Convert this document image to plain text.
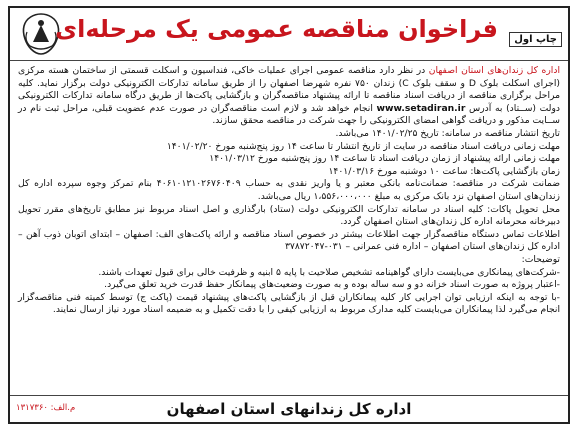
فراخوان مناقصه عمومی یک مرحله‌ای	چاپ اول

اداره کل زندان‌های استان اصفهان در نظر دارد مناقصه عمومی اجرای عملیات خاکی، فنداسیون و اسکلت قسمتی از ساختمان هسته مرکزی (اجرای اسکلت بلوک D و سقف بلوک C) زندان ۷۵۰ نفره شهرضا اصفهان را از طریق سامانه تدارکات الکترونیکی دولت برگزار نماید. کلیه مراحل برگزاری مناقصه از دریافت اسناد مناقصه تا ارائه پیشنهاد مناقصه‌گران و بازگشایی پاکت‌ها از طریق درگاه سامانه تدارکات الکترونیکی دولت (ســتاد) به آدرس www.setadiran.ir انجام خواهد شد و لازم است مناقصه‌گران در صورت عدم عضویت قبلی، مراحل ثبت نام در ســایت مذکور و دریافت گواهی امضای الکترونیکی را جهت شرکت در مناقصه محقق سازند.

تاریخ انتشار مناقصه در سامانه: تاریخ ۱۴۰۱/۰۲/۲۵ می‌باشد.

مهلت زمانی دریافت اسناد مناقصه در سایت از تاریخ انتشار تا ساعت ۱۴ روز پنج‌شنبه مورخ ۱۴۰۱/۰۲/۲۰

مهلت زمانی ارائه پیشنهاد از زمان دریافت اسناد تا ساعت ۱۴ روز پنج‌شنبه مورخ ۱۴۰۱/۰۳/۱۲

زمان بازگشایی پاکت‌ها: ساعت ۱۰ دوشنبه مورخ ۱۴۰۱/۰۳/۱۶

ضمانت شرکت در مناقصه: ضمانت‌نامه بانکی معتبر و یا واریز نقدی به حساب ۴۰۶۱۰۱۲۱۰۲۶۷۶۰۴۰۹ بنام تمرکز وجوه سپرده اداره کل زندان‌های استان اصفهان نزد بانک مرکزی به مبلغ ۱،۵۵۶،۰۰۰،۰۰۰ ریال می‌باشد.

محل تحویل پاکات: کلیه اسناد در سامانه تدارکات الکترونیکی دولت (ستاد) بارگذاری و اصل اسناد مربوط نیز مطابق تاریخ‌های مقرر تحویل دبیرخانه محرمانه اداره کل زندان‌های استان اصفهان گردد.

اطلاعات تماس دستگاه مناقصه‌گزار جهت اطلاعات بیشتر در خصوص اسناد مناقصه و ارائه پاکت‌های الف: اصفهان – ابتدای اتوبان ذوب آهن – اداره کل زندان‌های استان اصفهان – اداره فنی عمرانی – ۰۳۱-۳۷۸۷۲۰۴۷

توضیحات:

-شرکت‌های پیمانکاری می‌بایست دارای گواهینامه تشخیص صلاحیت با پایه ۵ ابنیه و ظرفیت خالی برای قبول تعهدات باشند.

-اعتبار پروژه به صورت اسناد خزانه دو و سه ساله بوده و به صورت وضعیت‌های پیمانکار حفظ قدرت خرید تعلق می‌گیرد.

-با توجه به اینکه ارزیابی توان اجرایی کار کلیه پیمانکاران قبل از بازگشایی پاکت‌های پیشنهاد قیمت (پاکت ج) توسط کمیته فنی مناقصه‌گزار انجام می‌گیرد لذا پیمانکاران می‌بایست کلیه مدارک مربوط به ارزیابی کیفی را با دقت تکمیل و به ضمیمه اسناد مورد نیاز ارسال نمایند.

اداره کل زندانهای استان اصفهان
م.الف: ۱۳۱۷۳۶۰
